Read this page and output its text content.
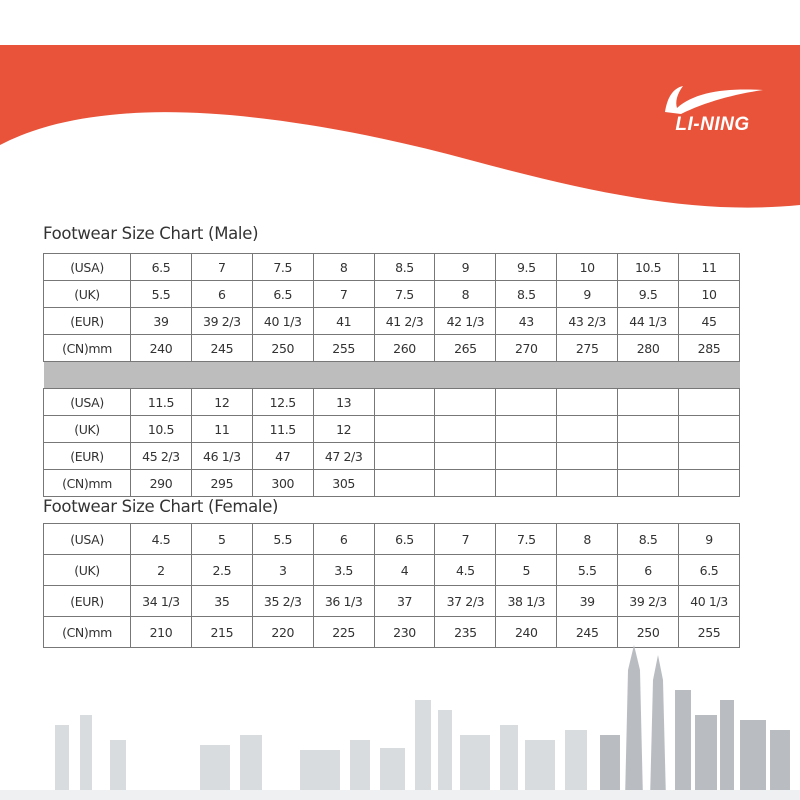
LI-NING
Footwear Size Chart (Male)
(USA)	6.5	7	7.5	8	8.5	9	9.5	10	10.5	11
(UK)	5.5	6	6.5	7	7.5	8	8.5	9	9.5	10
(EUR)	39	39 2/3	40 1/3	41	41 2/3	42 1/3	43	43 2/3	44 1/3	45
(CN)mm	240	245	250	255	260	265	270	275	280	285

(USA)	11.5	12	12.5	13						
(UK)	10.5	11	11.5	12						
(EUR)	45 2/3	46 1/3	47	47 2/3						
(CN)mm	290	295	300	305						
Footwear Size Chart (Female)
(USA)	4.5	5	5.5	6	6.5	7	7.5	8	8.5	9
(UK)	2	2.5	3	3.5	4	4.5	5	5.5	6	6.5
(EUR)	34 1/3	35	35 2/3	36 1/3	37	37 2/3	38 1/3	39	39 2/3	40 1/3
(CN)mm	210	215	220	225	230	235	240	245	250	255
